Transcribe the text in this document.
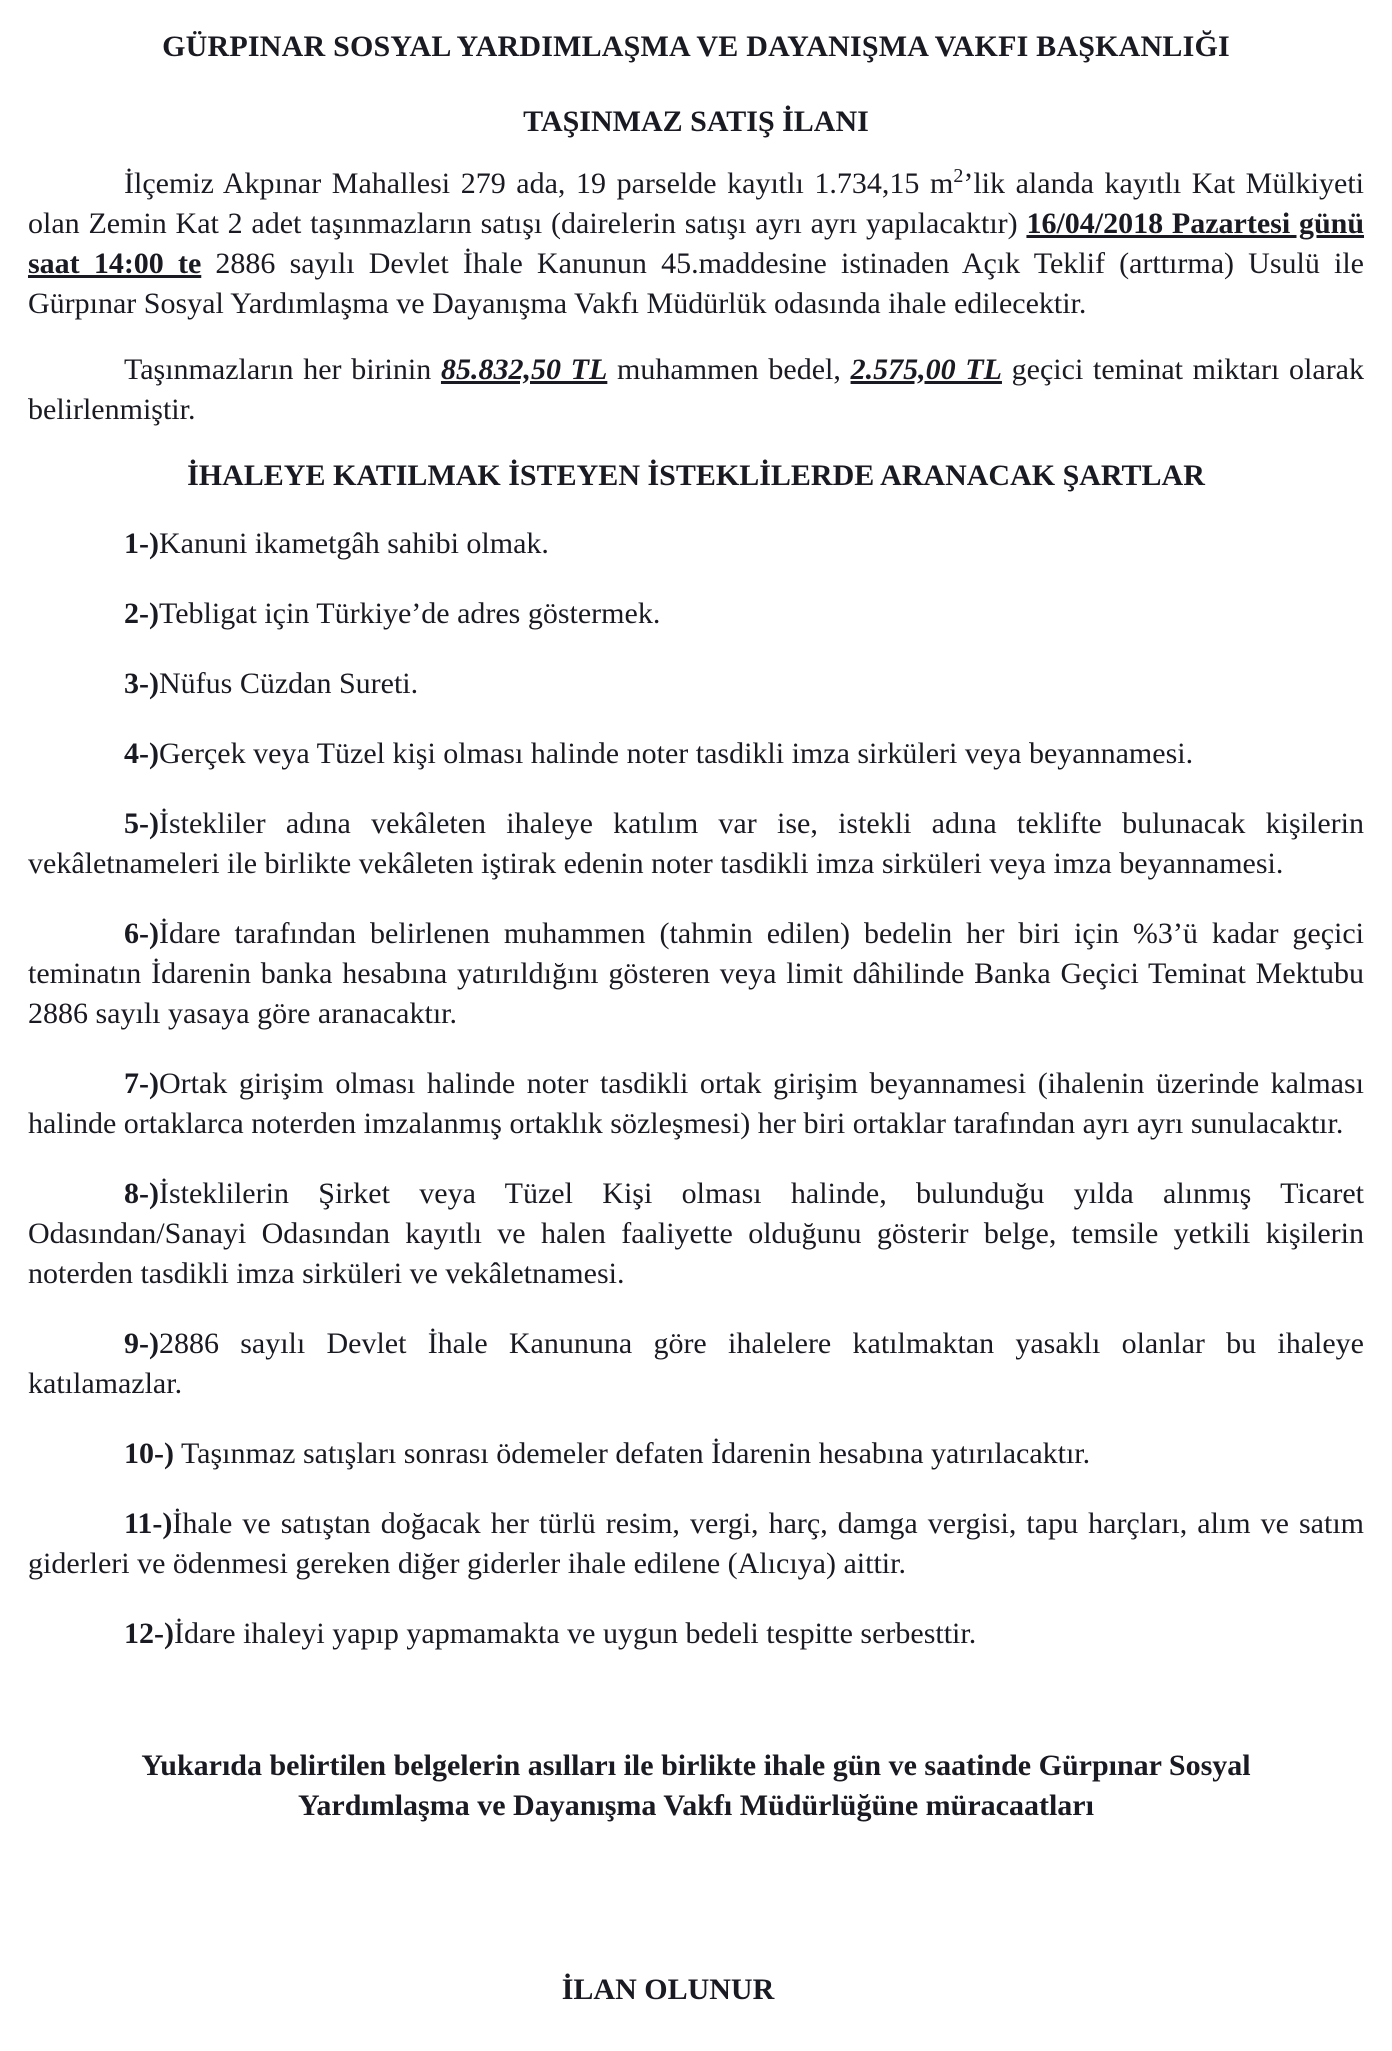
GÜRPINAR SOSYAL YARDIMLAŞMA VE DAYANIŞMA VAKFI BAŞKANLIĞI
TAŞINMAZ SATIŞ İLANI

İlçemiz Akpınar Mahallesi 279 ada, 19 parselde kayıtlı 1.734,15 $m^2’lik$ alanda kayıtlı Kat Mülkiyeti olan Zemin Kat 2 adet taşınmazların satışı (dairelerin satışı ayrı ayrı yapılacaktır) 16/04/2018 Pazartesi günü saat 14:00 te 2886 sayılı Devlet İhale Kanunun 45.maddesine istinaden Açık Teklif (arttırma) Usulü ile Gürpınar Sosyal Yardımlaşma ve Dayanışma Vakfı Müdürlük odasında ihale edilecektir.

Taşınmazların her birinin 85.832,50 TL muhammen bedel, 2.575,00 TL geçici teminat miktarı olarak belirlenmiştir.

İHALEYE KATILMAK İSTEYEN İSTEKLİLERDE ARANACAK ŞARTLAR
1-)Kanuni ikametgâh sahibi olmak.
2-)Tebligat için Türkiye’de adres göstermek.
3-)Nüfus Cüzdan Sureti.
4-)Gerçek veya Tüzel kişi olması halinde noter tasdikli imza sirküleri veya beyannamesi.
5-)İstekliler adına vekâleten ihaleye katılım var ise, istekli adına teklifte bulunacak kişilerin vekâletnameleri ile birlikte vekâleten iştirak edenin noter tasdikli imza sirküleri veya imza beyannamesi.
6-)İdare tarafından belirlenen muhammen (tahmin edilen) bedelin her biri için %3’ü kadar geçici teminatın İdarenin banka hesabına yatırıldığını gösteren veya limit dâhilinde Banka Geçici Teminat Mektubu 2886 sayılı yasaya göre aranacaktır.
7-)Ortak girişim olması halinde noter tasdikli ortak girişim beyannamesi (ihalenin üzerinde kalması halinde ortaklarca noterden imzalanmış ortaklık sözleşmesi) her biri ortaklar tarafından ayrı ayrı sunulacaktır.
8-)İsteklilerin Şirket veya Tüzel Kişi olması halinde, bulunduğu yılda alınmış Ticaret Odasından/Sanayi Odasından kayıtlı ve halen faaliyette olduğunu gösterir belge, temsile yetkili kişilerin noterden tasdikli imza sirküleri ve vekâletnamesi.
9-)2886 sayılı Devlet İhale Kanununa göre ihalelere katılmaktan yasaklı olanlar bu ihaleye katılamazlar.
10-) Taşınmaz satışları sonrası ödemeler defaten İdarenin hesabına yatırılacaktır.
11-)İhale ve satıştan doğacak her türlü resim, vergi, harç, damga vergisi, tapu harçları, alım ve satım giderleri ve ödenmesi gereken diğer giderler ihale edilene (Alıcıya) aittir.
12-)İdare ihaleyi yapıp yapmamakta ve uygun bedeli tespitte serbesttir.
Yukarıda belirtilen belgelerin asılları ile birlikte ihale gün ve saatinde Gürpınar Sosyal
Yardımlaşma ve Dayanışma Vakfı Müdürlüğüne müracaatları
İLAN OLUNUR
